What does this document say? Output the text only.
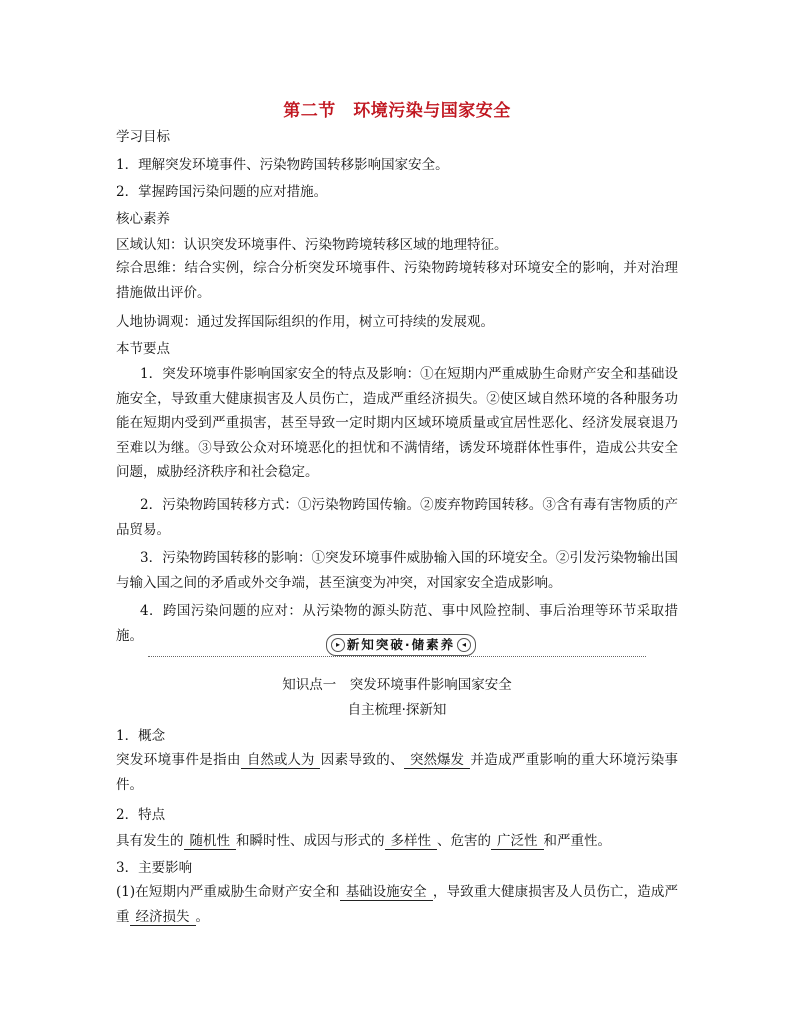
第二节　环境污染与国家安全
学习目标
1．理解突发环境事件、污染物跨国转移影响国家安全。
2．掌握跨国污染问题的应对措施。
核心素养
区域认知：认识突发环境事件、污染物跨境转移区域的地理特征。
综合思维：结合实例，综合分析突发环境事件、污染物跨境转移对环境安全的影响，并对治理措施做出评价。
人地协调观：通过发挥国际组织的作用，树立可持续的发展观。
本节要点
1．突发环境事件影响国家安全的特点及影响：①在短期内严重威胁生命财产安全和基础设施安全，导致重大健康损害及人员伤亡，造成严重经济损失。②使区域自然环境的各种服务功能在短期内受到严重损害，甚至导致一定时期内区域环境质量或宜居性恶化、经济发展衰退乃至难以为继。③导致公众对环境恶化的担忧和不满情绪，诱发环境群体性事件，造成公共安全问题，威胁经济秩序和社会稳定。
2．污染物跨国转移方式：①污染物跨国传输。②废弃物跨国转移。③含有毒有害物质的产品贸易。
3．污染物跨国转移的影响：①突发环境事件威胁输入国的环境安全。②引发污染物输出国与输入国之间的矛盾或外交争端，甚至演变为冲突，对国家安全造成影响。
4．跨国污染问题的应对：从污染物的源头防范、事中风险控制、事后治理等环节采取措施。
知识点一　突发环境事件影响国家安全
自主梳理·探新知
1．概念
突发环境事件是指由 自然或人为 因素导致的、 突然爆发 并造成严重影响的重大环境污染事件。
2．特点
具有发生的 随机性 和瞬时性、成因与形式的 多样性 、危害的 广泛性 和严重性。
3．主要影响
(1)在短期内严重威胁生命财产安全和 基础设施安全 ，导致重大健康损害及人员伤亡，造成严重 经济损失 。
▸ 新知突破·储素养 ◂
